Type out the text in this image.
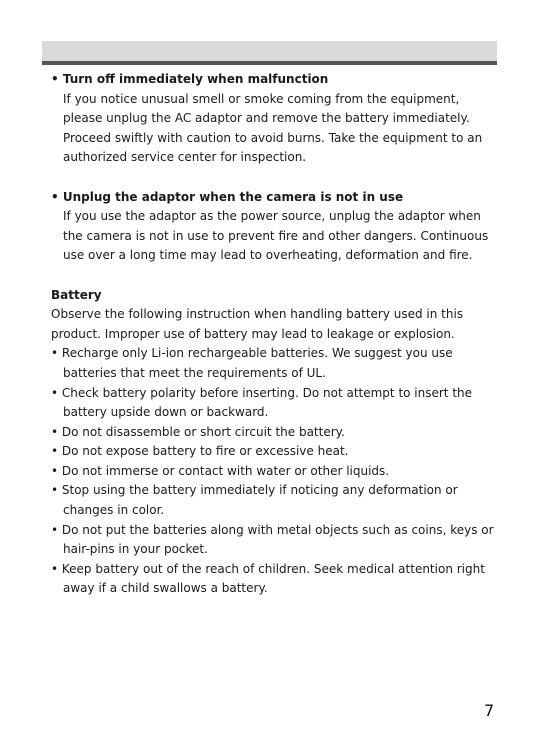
• Turn off immediately when malfunction
If you notice unusual smell or smoke coming from the equipment, please unplug the AC adaptor and remove the battery immediately. Proceed swiftly with caution to avoid burns. Take the equipment to an authorized service center for inspection.
• Unplug the adaptor when the camera is not in use
If you use the adaptor as the power source, unplug the adaptor when the camera is not in use to prevent fire and other dangers. Continuous use over a long time may lead to overheating, deformation and fire.
Battery
Observe the following instruction when handling battery used in this product. Improper use of battery may lead to leakage or explosion.
• Recharge only Li-ion rechargeable batteries. We suggest you use batteries that meet the requirements of UL.
• Check battery polarity before inserting. Do not attempt to insert the battery upside down or backward.
• Do not disassemble or short circuit the battery.
• Do not expose battery to fire or excessive heat.
• Do not immerse or contact with water or other liquids.
• Stop using the battery immediately if noticing any deformation or changes in color.
• Do not put the batteries along with metal objects such as coins, keys or hair-pins in your pocket.
• Keep battery out of the reach of children. Seek medical attention right away if a child swallows a battery.
7
